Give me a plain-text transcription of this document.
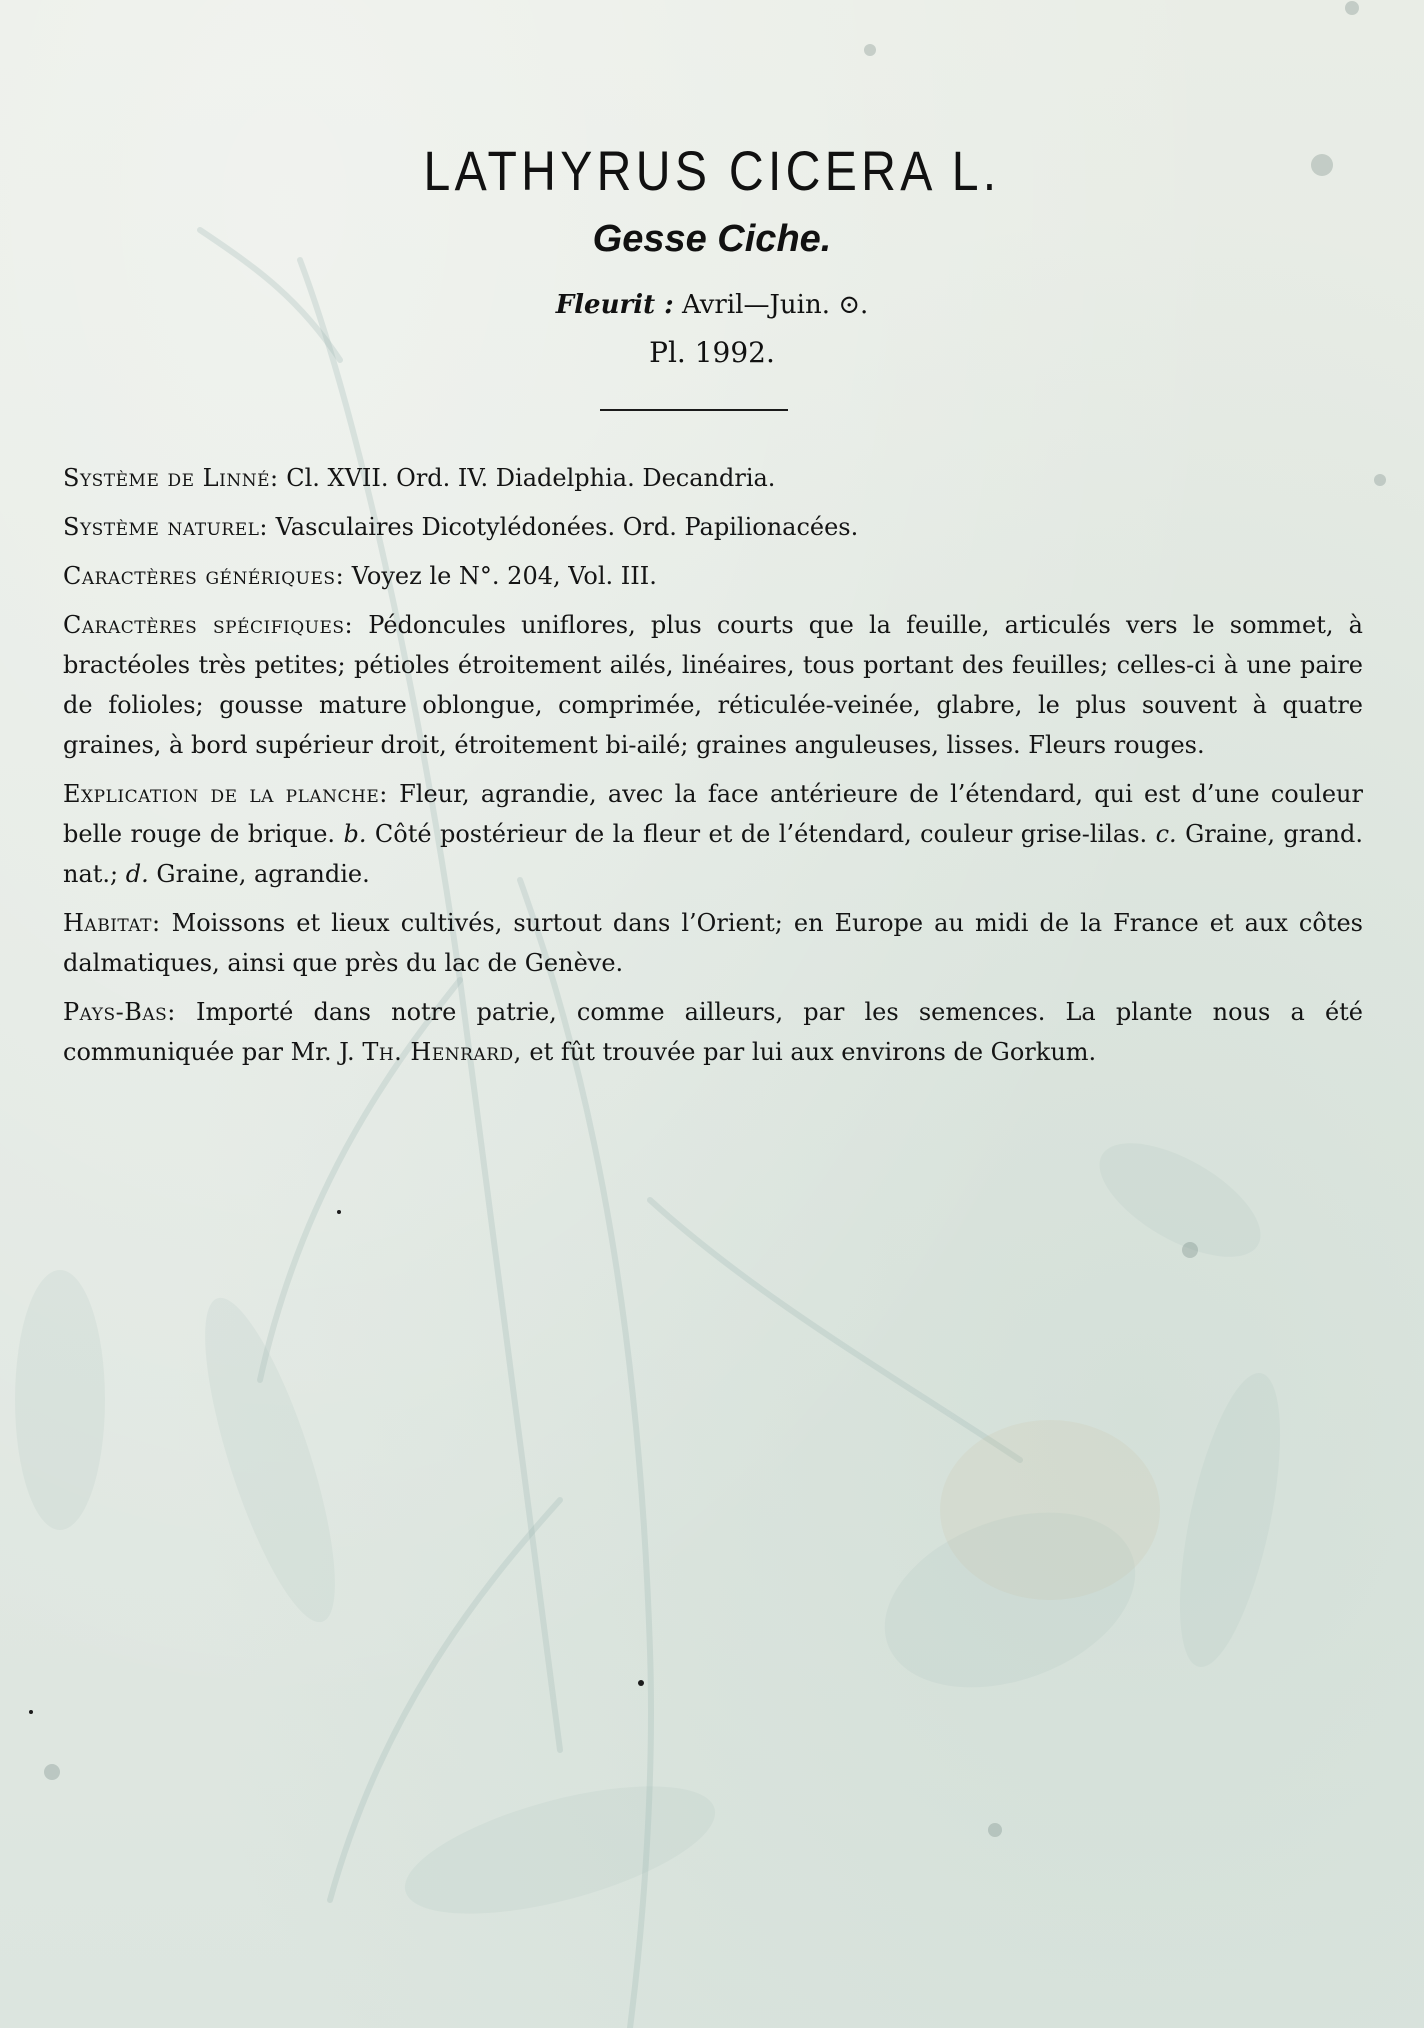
LATHYRUS CICERA L.
Gesse Ciche.
Fleurit : Avril—Juin. ⊙.
Pl. 1992.

Système de Linné: Cl. XVII. Ord. IV. Diadelphia. Decandria.

Système naturel: Vasculaires Dicotylédonées. Ord. Papilionacées.

Caractères génériques: Voyez le N°. 204, Vol. III.

Caractères spécifiques: Pédoncules uniflores, plus courts que la feuille, articulés vers le sommet, à bractéoles très petites; pétioles étroitement ailés, linéaires, tous portant des feuilles; celles-ci à une paire de folioles; gousse mature oblongue, comprimée, réticulée-veinée, glabre, le plus souvent à quatre graines, à bord supérieur droit, étroitement bi-ailé; graines anguleuses, lisses. Fleurs rouges.

Explication de la planche: Fleur, agrandie, avec la face antérieure de l’étendard, qui est d’une couleur belle rouge de brique. b. Côté postérieur de la fleur et de l’étendard, couleur grise-lilas. c. Graine, grand. nat.; d. Graine, agrandie.

Habitat: Moissons et lieux cultivés, surtout dans l’Orient; en Europe au midi de la France et aux côtes dalmatiques, ainsi que près du lac de Genève.

Pays-Bas: Importé dans notre patrie, comme ailleurs, par les semences. La plante nous a été communiquée par Mr. J. Th. Henrard, et fût trouvée par lui aux environs de Gorkum.
